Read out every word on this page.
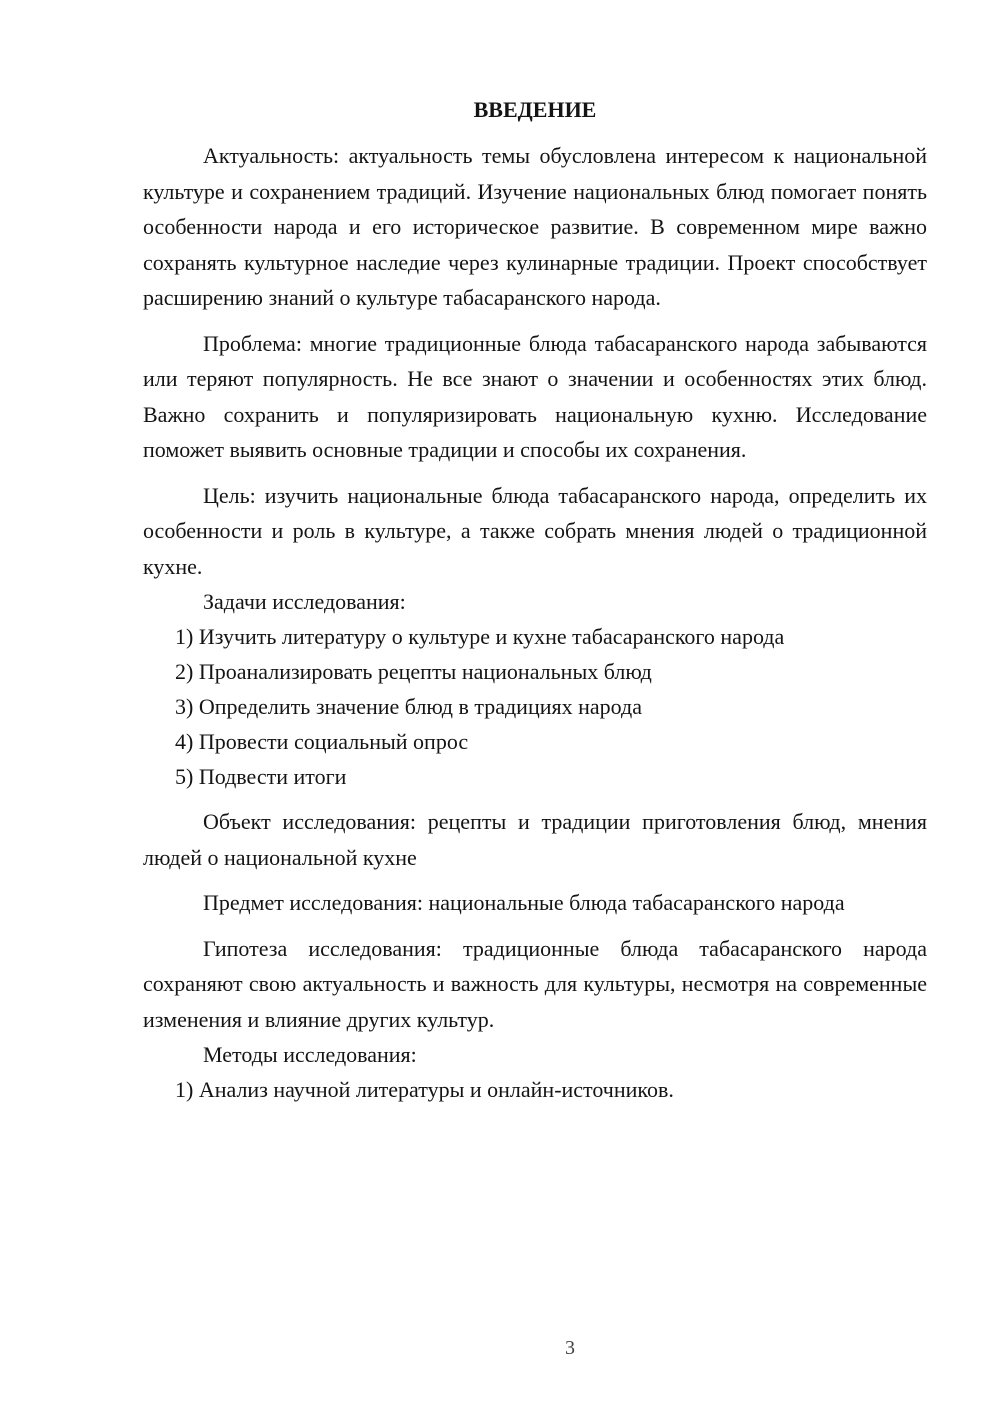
ВВЕДЕНИЕ

Актуальность: актуальность темы обусловлена интересом к национальной культуре и сохранением традиций. Изучение национальных блюд помогает понять особенности народа и его историческое развитие. В современном мире важно сохранять культурное наследие через кулинарные традиции. Проект способствует расширению знаний о культуре табасаранского народа.

Проблема: многие традиционные блюда табасаранского народа забываются или теряют популярность. Не все знают о значении и особенностях этих блюд. Важно сохранить и популяризировать национальную кухню. Исследование поможет выявить основные традиции и способы их сохранения.

Цель: изучить национальные блюда табасаранского народа, определить их особенности и роль в культуре, а также собрать мнения людей о традиционной кухне.

Задачи исследования:

1) Изучить литературу о культуре и кухне табасаранского народа

2) Проанализировать рецепты национальных блюд

3) Определить значение блюд в традициях народа

4) Провести социальный опрос

5) Подвести итоги

Объект исследования: рецепты и традиции приготовления блюд, мнения людей о национальной кухне

Предмет исследования: национальные блюда табасаранского народа

Гипотеза исследования: традиционные блюда табасаранского народа сохраняют свою актуальность и важность для культуры, несмотря на современные изменения и влияние других культур.

Методы исследования:

1) Анализ научной литературы и онлайн-источников.

3
